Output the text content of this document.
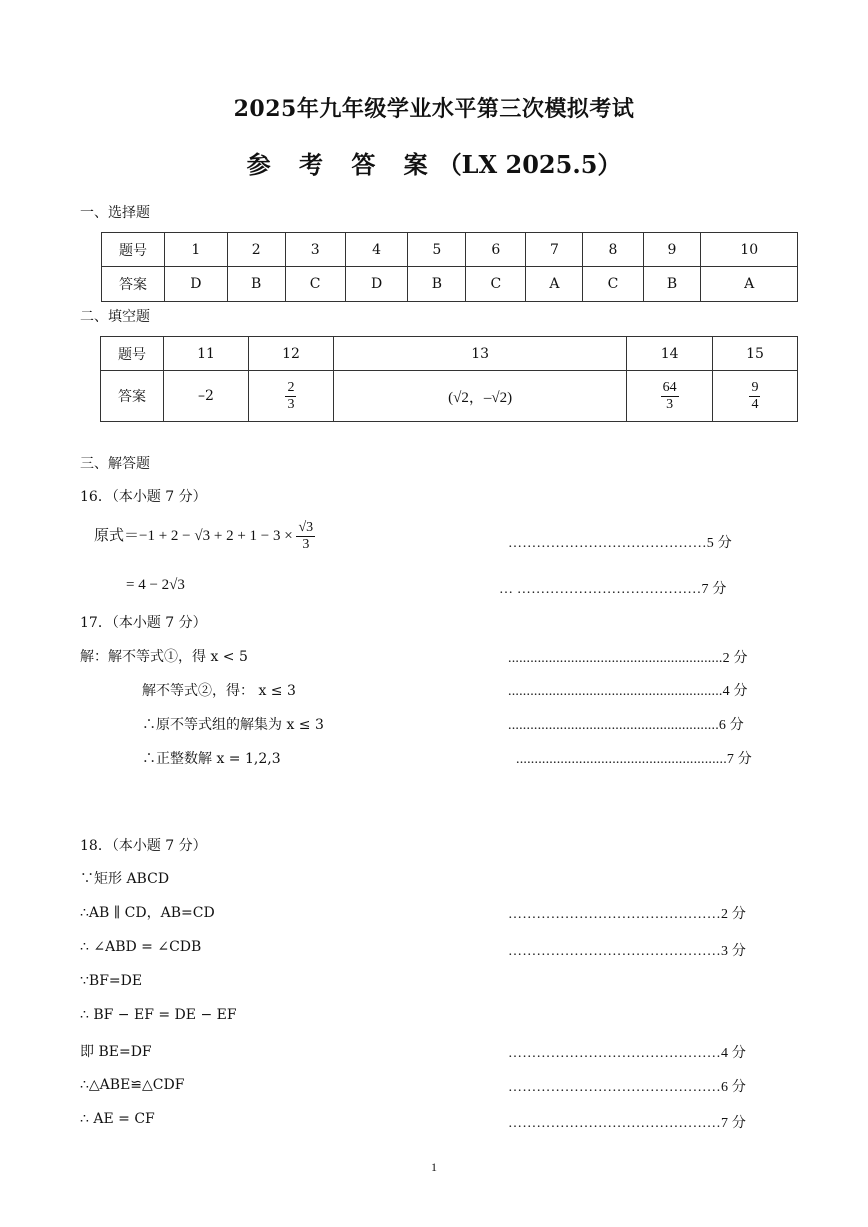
2025年九年级学业水平第三次模拟考试
参 考 答 案（LX 2025.5）
一、选择题
题号	1	2	3	4	5	6	7	8	9	10
答案	D	B	C	D	B	C	A	C	B	A
二、填空题
题号	11	12	13	14	15
答案	–2	$\frac{2}{3}$	(√2，–√2)	$\frac{64}{3}$	$\frac{9}{4}$
三、解答题
16．（本小题 7 分）
原式$=-1 + 2 - √3 + 2 + 1 - 3 \times \frac{√3}{3}$	……………………………………5 分
= 4 − 2√3	… …………………………………7 分
17．（本小题 7 分）
解：解不等式①，得 x < 5	..........................................................2 分
解不等式②，得： x ≤ 3	..........................................................4 分
∴原不等式组的解集为 x ≤ 3	.........................................................6 分
∴正整数解 x = 1,2,3	.........................................................7 分
18．（本小题 7 分）
∵矩形 ABCD
∴AB ∥ CD，AB=CD	………………………………………2 分
∴ ∠ABD = ∠CDB	………………………………………3 分
∵BF=DE
∴ BF − EF = DE − EF
即 BE=DF	………………………………………4 分
∴△ABE≌△CDF	………………………………………6 分
∴ AE = CF	………………………………………7 分
1
